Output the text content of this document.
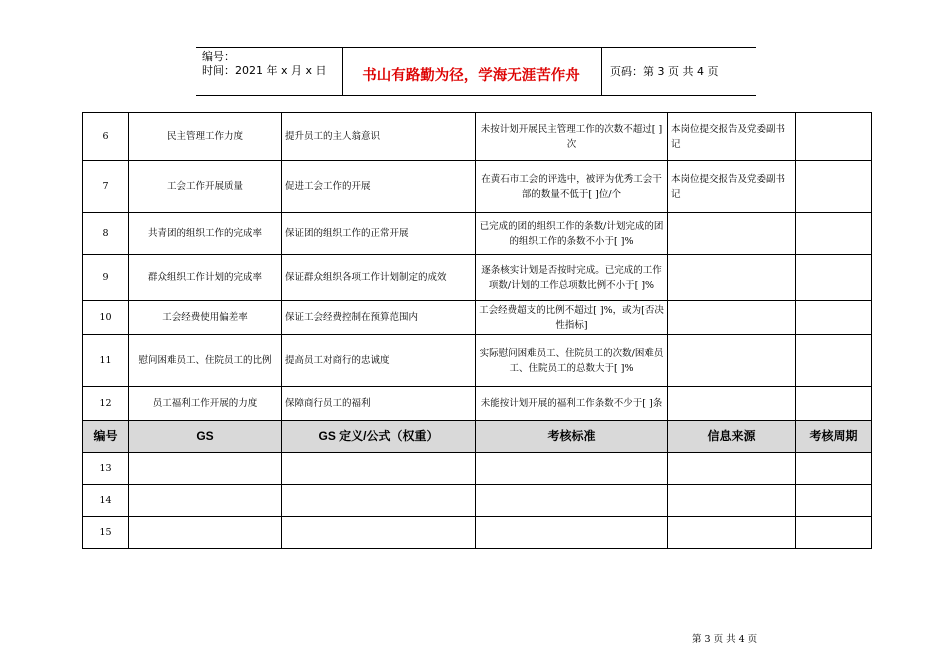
编号：
时间：2021 年 x 月 x 日	书山有路勤为径，学海无涯苦作舟	页码：第 3 页 共 4 页
6	民主管理工作力度	提升员工的主人翁意识	未按计划开展民主管理工作的次数不超过[ ]次	本岗位提交报告及党委副书记	
7	工会工作开展质量	促进工会工作的开展	在黄石市工会的评选中，被评为优秀工会干部的数量不低于[ ]位/个	本岗位提交报告及党委副书记	
8	共青团的组织工作的完成率	保证团的组织工作的正常开展	已完成的团的组织工作的条数/计划完成的团的组织工作的条数不小于[ ]%		
9	群众组织工作计划的完成率	保证群众组织各项工作计划制定的成效	逐条核实计划是否按时完成。已完成的工作项数/计划的工作总项数比例不小于[ ]%		
10	工会经费使用偏差率	保证工会经费控制在预算范围内	工会经费超支的比例不超过[ ]%，或为[否决性指标]		
11	慰问困难员工、住院员工的比例	提高员工对商行的忠诚度	实际慰问困难员工、住院员工的次数/困难员工、住院员工的总数大于[ ]%		
12	员工福利工作开展的力度	保障商行员工的福利	未能按计划开展的福利工作条数不少于[ ]条		
编号	GS	GS 定义/公式（权重）	考核标准	信息来源	考核周期
13					
14					
15					
第 3 页 共 4 页
